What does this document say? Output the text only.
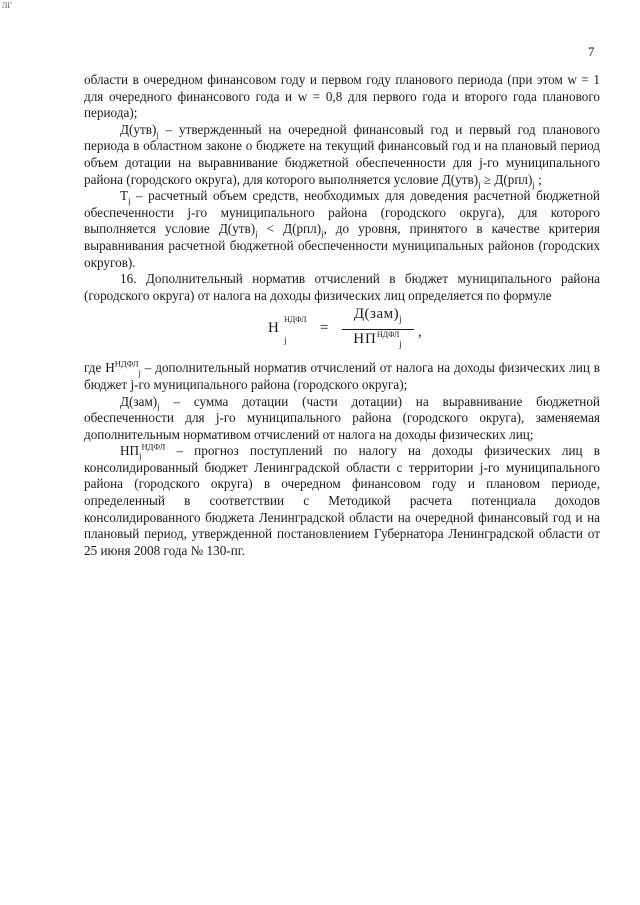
ЛГ
7

области в очередном финансовом году и первом году планового периода (при этом w = 1 для очередного финансового года и w = 0,8 для первого года и второго года планового периода);

$Д(утв)_j$ – утвержденный на очередной финансовый год и первый год планового периода в областном законе о бюджете на текущий финансовый год и на плановый период объем дотации на выравнивание бюджетной обеспеченности для j-го муниципального района (городского округа), для которого выполняется условие $Д(утв)_j \ge Д(рпл)_j$ ;

$T_j$ – расчетный объем средств, необходимых для доведения расчетной бюджетной обеспеченности j-го муниципального района (городского округа), для которого выполняется условие $Д(утв)_j < Д(рпл)_j$, до уровня, принятого в качестве критерия выравнивания расчетной бюджетной обеспеченности муниципальных районов (городских округов).

16. Дополнительный норматив отчислений в бюджет муниципального района (городского округа) от налога на доходы физических лиц определяется по формуле

H
НДФЛ
j
=
$Д(зам)_j$
$НП^{НДФЛ}_j$
,

где $H^{НДФЛ}_j$ – дополнительный норматив отчислений от налога на доходы физических лиц в бюджет j-го муниципального района (городского округа);

$Д(зам)_j$ – сумма дотации (части дотации) на выравнивание бюджетной обеспеченности для j-го муниципального района (городского округа), заменяемая дополнительным нормативом отчислений от налога на доходы физических лиц;

$НП_j^{НДФЛ}$ – прогноз поступлений по налогу на доходы физических лиц в консолидированный бюджет Ленинградской области с территории j-го муниципального района (городского округа) в очередном финансовом году и плановом периоде, определенный в соответствии с Методикой расчета потенциала доходов консолидированного бюджета Ленинградской области на очередной финансовый год и на плановый период, утвержденной постановлением Губернатора Ленинградской области от 25 июня 2008 года № 130-пг.
